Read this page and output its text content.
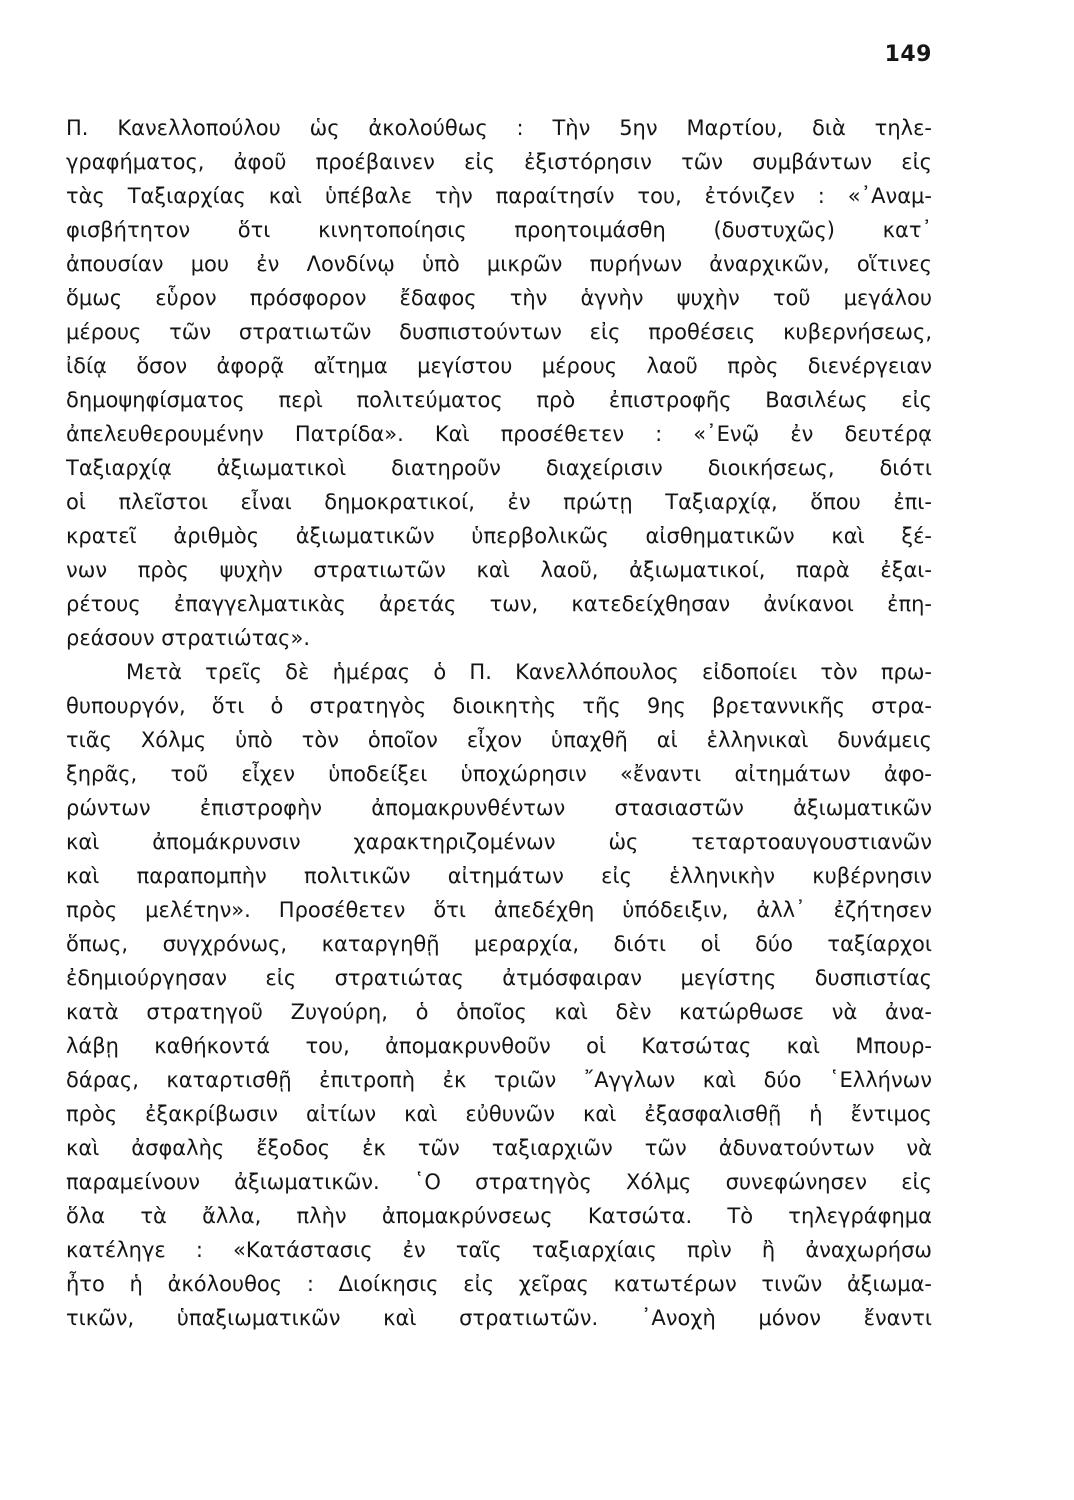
149
Π. Κανελλοπούλου ὡς ἀκολούθως : Τὴν 5ην Μαρτίου, διὰ τηλε-
γραφήματος, ἀφοῦ προέβαινεν εἰς ἐξιστόρησιν τῶν συμβάντων εἰς
τὰς Ταξιαρχίας καὶ ὑπέβαλε τὴν παραίτησίν του, ἐτόνιζεν : «᾿Αναμ-
φισβήτητον ὅτι κινητοποίησις προητοιμάσθη (δυστυχῶς) κατ᾿
ἀπουσίαν μου ἐν Λονδίνῳ ὑπὸ μικρῶν πυρήνων ἀναρχικῶν, οἵτινες
ὅμως εὗρον πρόσφορον ἔδαφος τὴν ἁγνὴν ψυχὴν τοῦ μεγάλου
μέρους τῶν στρατιωτῶν δυσπιστούντων εἰς προθέσεις κυβερνήσεως,
ἰδίᾳ ὅσον ἀφορᾷ αἴτημα μεγίστου μέρους λαοῦ πρὸς διενέργειαν
δημοψηφίσματος περὶ πολιτεύματος πρὸ ἐπιστροφῆς Βασιλέως εἰς
ἀπελευθερουμένην Πατρίδα». Καὶ προσέθετεν : «᾿Ενῷ ἐν δευτέρᾳ
Ταξιαρχίᾳ ἀξιωματικοὶ διατηροῦν διαχείρισιν διοικήσεως, διότι
οἱ πλεῖστοι εἶναι δημοκρατικοί, ἐν πρώτῃ Ταξιαρχίᾳ, ὅπου ἐπι-
κρατεῖ ἀριθμὸς ἀξιωματικῶν ὑπερβολικῶς αἰσθηματικῶν καὶ ξέ-
νων πρὸς ψυχὴν στρατιωτῶν καὶ λαοῦ, ἀξιωματικοί, παρὰ ἐξαι-
ρέτους ἐπαγγελματικὰς ἀρετάς των, κατεδείχθησαν ἀνίκανοι ἐπη-
ρεάσουν στρατιώτας».
Μετὰ τρεῖς δὲ ἡμέρας ὁ Π. Κανελλόπουλος εἰδοποίει τὸν πρω-
θυπουργόν, ὅτι ὁ στρατηγὸς διοικητὴς τῆς 9ης βρεταννικῆς στρα-
τιᾶς Χόλμς ὑπὸ τὸν ὁποῖον εἶχον ὑπαχθῆ αἱ ἑλληνικαὶ δυνάμεις
ξηρᾶς, τοῦ εἶχεν ὑποδείξει ὑποχώρησιν «ἔναντι αἰτημάτων ἀφο-
ρώντων ἐπιστροφὴν ἀπομακρυνθέντων στασιαστῶν ἀξιωματικῶν
καὶ ἀπομάκρυνσιν χαρακτηριζομένων ὡς τεταρτοαυγουστιανῶν
καὶ παραπομπὴν πολιτικῶν αἰτημάτων εἰς ἑλληνικὴν κυβέρνησιν
πρὸς μελέτην». Προσέθετεν ὅτι ἀπεδέχθη ὑπόδειξιν, ἀλλ᾿ ἐζήτησεν
ὅπως, συγχρόνως, καταργηθῇ μεραρχία, διότι οἱ δύο ταξίαρχοι
ἐδημιούργησαν εἰς στρατιώτας ἀτμόσφαιραν μεγίστης δυσπιστίας
κατὰ στρατηγοῦ Ζυγούρη, ὁ ὁποῖος καὶ δὲν κατώρθωσε νὰ ἀνα-
λάβῃ καθήκοντά του, ἀπομακρυνθοῦν οἱ Κατσώτας καὶ Μπουρ-
δάρας, καταρτισθῇ ἐπιτροπὴ ἐκ τριῶν ῎Αγγλων καὶ δύο ῾Ελλήνων
πρὸς ἐξακρίβωσιν αἰτίων καὶ εὐθυνῶν καὶ ἐξασφαλισθῇ ἡ ἔντιμος
καὶ ἀσφαλὴς ἔξοδος ἐκ τῶν ταξιαρχιῶν τῶν ἀδυνατούντων νὰ
παραμείνουν ἀξιωματικῶν. ῾Ο στρατηγὸς Χόλμς συνεφώνησεν εἰς
ὅλα τὰ ἄλλα, πλὴν ἀπομακρύνσεως Κατσώτα. Τὸ τηλεγράφημα
κατέληγε : «Κατάστασις ἐν ταῖς ταξιαρχίαις πρὶν ἢ ἀναχωρήσω
ἦτο ἡ ἀκόλουθος : Διοίκησις εἰς χεῖρας κατωτέρων τινῶν ἀξιωμα-
τικῶν, ὑπαξιωματικῶν καὶ στρατιωτῶν. ᾿Ανοχὴ μόνον ἔναντι
